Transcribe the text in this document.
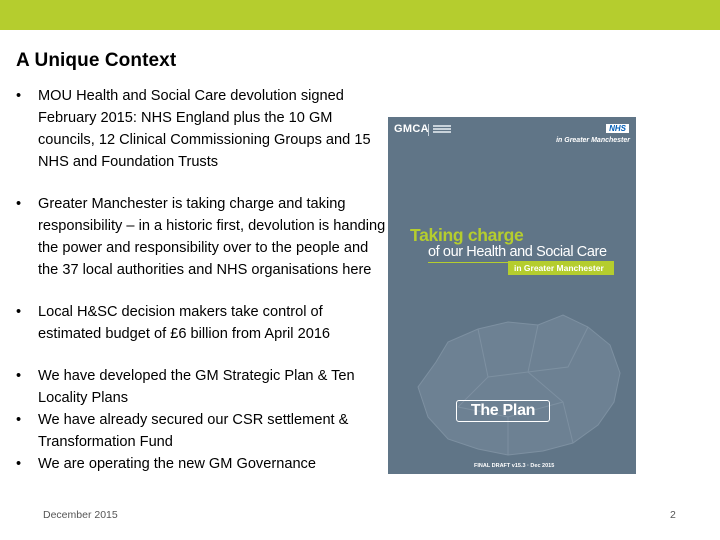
A Unique Context
• MOU Health and Social Care devolution signed February 2015: NHS England plus the 10 GM councils, 12 Clinical Commissioning Groups and 15 NHS and Foundation Trusts
• Greater Manchester is taking charge and taking responsibility – in a historic first, devolution is handing the power and responsibility over to the people and the 37 local authorities and NHS organisations here
• Local H&SC decision makers take control of estimated budget of £6 billion from April 2016
• We have developed the GM Strategic Plan & Ten Locality Plans
• We have already secured our CSR settlement & Transformation Fund
• We are operating the new GM Governance
GMCA	NHS
in Greater Manchester
Taking charge
of our Health and Social Care
in Greater Manchester
The Plan
FINAL DRAFT v15.3 · Dec 2015
December 2015	2
